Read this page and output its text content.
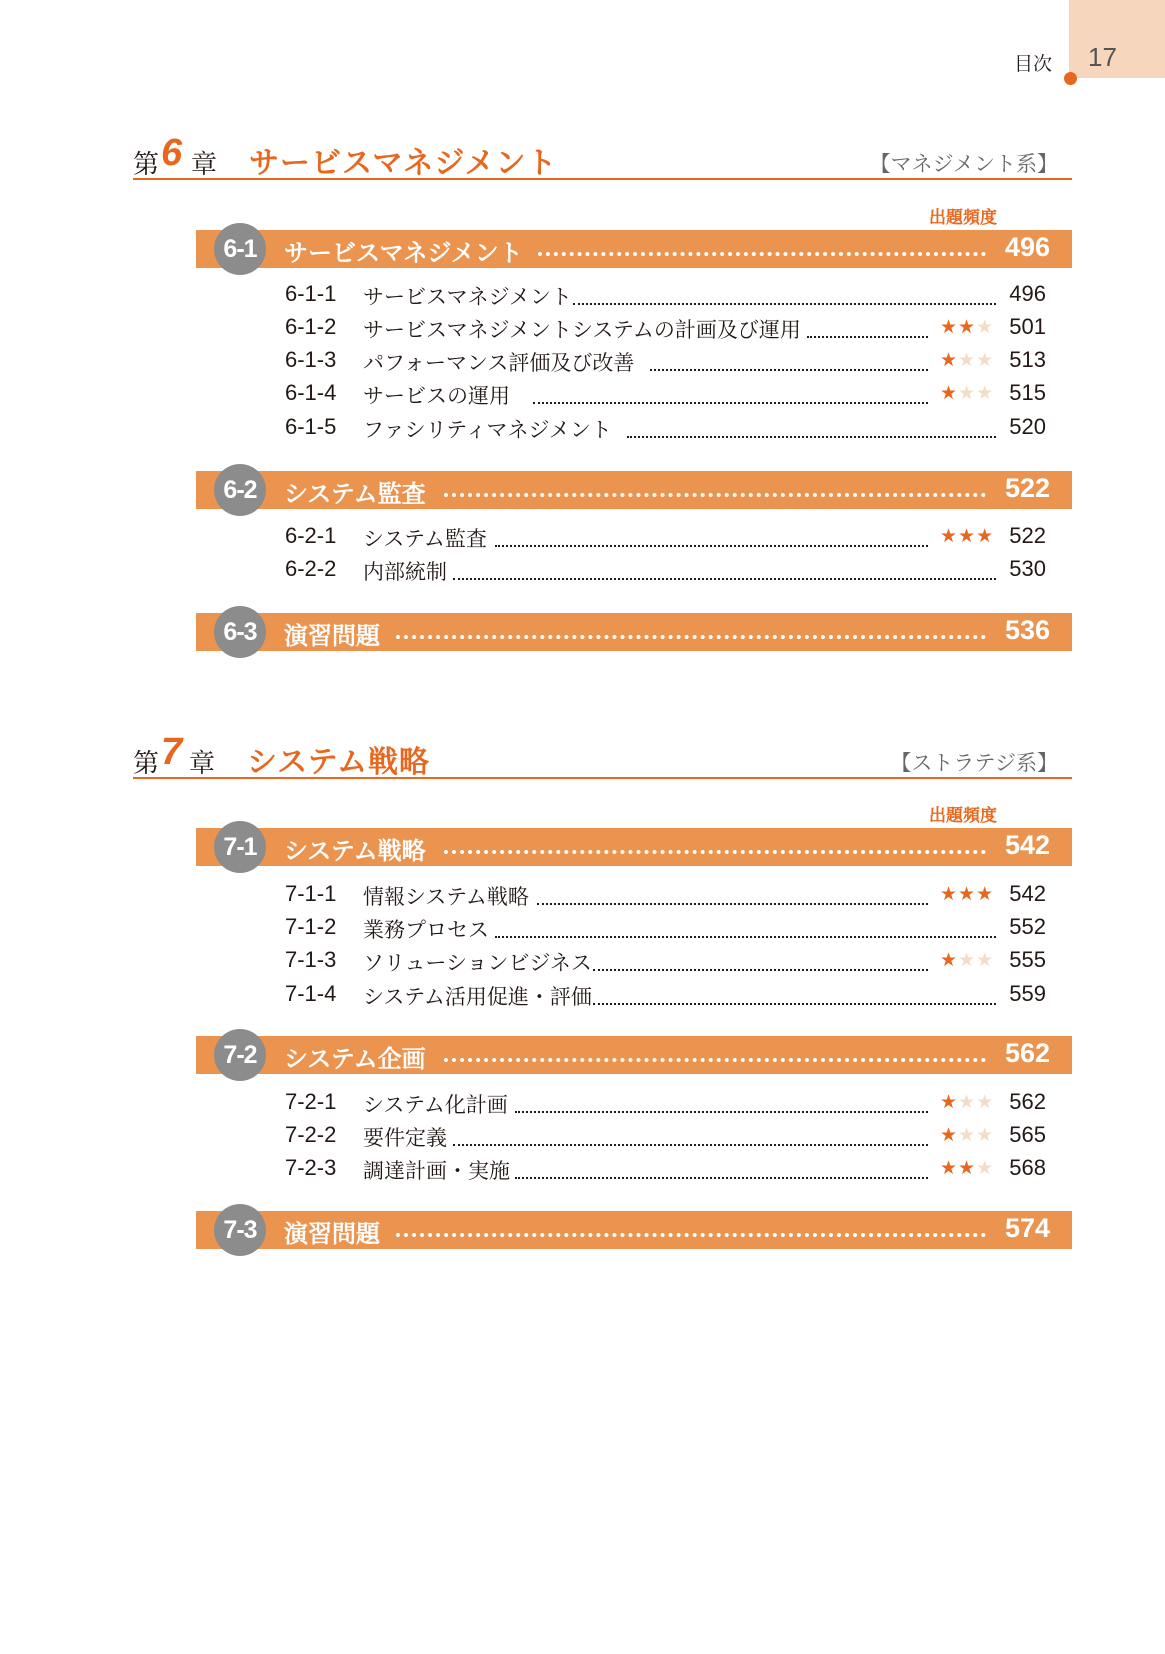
目次 17
第 6 章 サービスマネジメント	【マネジメント系】
出題頻度
6-1	サービスマネジメント	496
6-1-1 サービスマネジメント	496
6-1-2 サービスマネジメントシステムの計画及び運用	★★★ 501
6-1-3 パフォーマンス評価及び改善	★★★ 513
6-1-4 サービスの運用	★★★ 515
6-1-5 ファシリティマネジメント	520
6-2	システム監査	522
6-2-1 システム監査	★★★ 522
6-2-2 内部統制	530
6-3	演習問題	536
第 7 章 システム戦略	【ストラテジ系】
出題頻度
7-1	システム戦略	542
7-1-1 情報システム戦略	★★★ 542
7-1-2 業務プロセス	552
7-1-3 ソリューションビジネス	★★★ 555
7-1-4 システム活用促進・評価	559
7-2	システム企画	562
7-2-1 システム化計画	★★★ 562
7-2-2 要件定義	★★★ 565
7-2-3 調達計画・実施	★★★ 568
7-3	演習問題	574
